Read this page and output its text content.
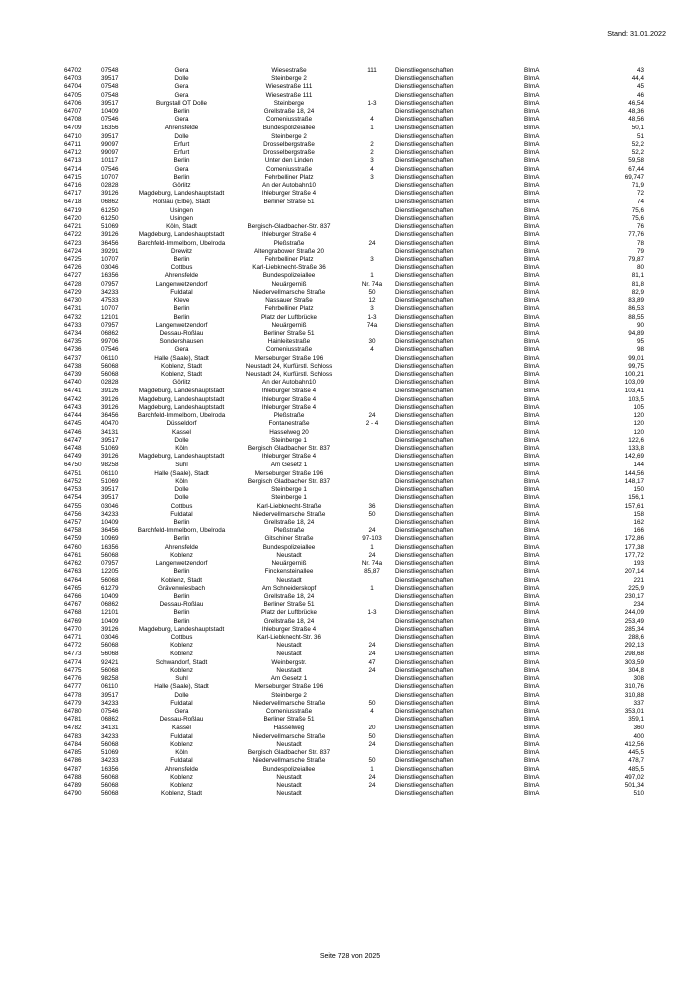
Stand: 31.01.2022
64702	07548	Gera	Wiesestraße	111	Dienstliegenschaften	BImA	43
64703	39517	Dolle	Steinberge 2		Dienstliegenschaften	BImA	44,4
64704	07548	Gera	Wiesestraße 111		Dienstliegenschaften	BImA	45
64705	07548	Gera	Wiesestraße 111		Dienstliegenschaften	BImA	46
64706	39517	Burgstall OT Dolle	Steinberge	1-3	Dienstliegenschaften	BImA	46,54
64707	10409	Berlin	Grellstraße 18, 24		Dienstliegenschaften	BImA	48,36
64708	07546	Gera	Comeniusstraße	4	Dienstliegenschaften	BImA	48,56
64709	16356	Ahrensfelde	Bundespolizeiallee	1	Dienstliegenschaften	BImA	50,1
64710	39517	Dolle	Steinberge 2		Dienstliegenschaften	BImA	51
64711	99097	Erfurt	Drosselbergstraße	2	Dienstliegenschaften	BImA	52,2
64712	99097	Erfurt	Drosselbergstraße	2	Dienstliegenschaften	BImA	52,2
64713	10117	Berlin	Unter den Linden	3	Dienstliegenschaften	BImA	59,58
64714	07546	Gera	Comeniusstraße	4	Dienstliegenschaften	BImA	67,44
64715	10707	Berlin	Fehrbelliner Platz	3	Dienstliegenschaften	BImA	69,747
64716	02828	Görlitz	An der Autobahn10		Dienstliegenschaften	BImA	71,9
64717	39126	Magdeburg, Landeshauptstadt	Ihleburger Straße 4		Dienstliegenschaften	BImA	72
64718	06862	Roßlau (Elbe), Stadt	Berliner Straße 51		Dienstliegenschaften	BImA	74
64719	61250	Usingen			Dienstliegenschaften	BImA	75,6
64720	61250	Usingen			Dienstliegenschaften	BImA	75,6
64721	51069	Köln, Stadt	Bergisch-Gladbacher-Str. 837		Dienstliegenschaften	BImA	76
64722	39126	Magdeburg, Landeshauptstadt	Ihleburger Straße 4		Dienstliegenschaften	BImA	77,76
64723	36456	Barchfeld-Immelborn, Übelroda	Pleßstraße	24	Dienstliegenschaften	BImA	78
64724	39291	Drewitz	Altengrabower Straße 20		Dienstliegenschaften	BImA	79
64725	10707	Berlin	Fehrbelliner Platz	3	Dienstliegenschaften	BImA	79,87
64726	03046	Cottbus	Karl-Liebknecht-Straße 36		Dienstliegenschaften	BImA	80
64727	16356	Ahrensfelde	Bundespolizeiallee	1	Dienstliegenschaften	BImA	81,1
64728	07957	Langenwetzendorf	Neuärgerniß	Nr. 74a	Dienstliegenschaften	BImA	81,8
64729	34233	Fuldatal	Niedervellmarsche Straße	50	Dienstliegenschaften	BImA	82,9
64730	47533	Kleve	Nassauer Straße	12	Dienstliegenschaften	BImA	83,89
64731	10707	Berlin	Fehrbelliner Platz	3	Dienstliegenschaften	BImA	86,53
64732	12101	Berlin	Platz der Luftbrücke	1-3	Dienstliegenschaften	BImA	88,55
64733	07957	Langenwetzendorf	Neuärgerniß	74a	Dienstliegenschaften	BImA	90
64734	06862	Dessau-Roßlau	Berliner Straße 51		Dienstliegenschaften	BImA	94,89
64735	99706	Sondershausen	Hainleitestraße	30	Dienstliegenschaften	BImA	95
64736	07546	Gera	Comeniusstraße	4	Dienstliegenschaften	BImA	98
64737	06110	Halle (Saale), Stadt	Merseburger Straße 196		Dienstliegenschaften	BImA	99,01
64738	56068	Koblenz, Stadt	Neustadt 24, Kurfürstl. Schloss		Dienstliegenschaften	BImA	99,75
64739	56068	Koblenz, Stadt	Neustadt 24, Kurfürstl. Schloss		Dienstliegenschaften	BImA	100,21
64740	02828	Görlitz	An der Autobahn10		Dienstliegenschaften	BImA	103,09
64741	39126	Magdeburg, Landeshauptstadt	Ihleburger Straße 4		Dienstliegenschaften	BImA	103,41
64742	39126	Magdeburg, Landeshauptstadt	Ihleburger Straße 4		Dienstliegenschaften	BImA	103,5
64743	39126	Magdeburg, Landeshauptstadt	Ihleburger Straße 4		Dienstliegenschaften	BImA	105
64744	36456	Barchfeld-Immelborn, Übelroda	Pleßstraße	24	Dienstliegenschaften	BImA	120
64745	40470	Düsseldorf	Fontanestraße	2 - 4	Dienstliegenschaften	BImA	120
64746	34131	Kassel	Hasselweg 20		Dienstliegenschaften	BImA	120
64747	39517	Dolle	Steinberge 1		Dienstliegenschaften	BImA	122,6
64748	51069	Köln	Bergisch Gladbacher Str. 837		Dienstliegenschaften	BImA	133,8
64749	39126	Magdeburg, Landeshauptstadt	Ihleburger Straße 4		Dienstliegenschaften	BImA	142,69
64750	98258	Suhl	Am Gesetz 1		Dienstliegenschaften	BImA	144
64751	06110	Halle (Saale), Stadt	Merseburger Straße 196		Dienstliegenschaften	BImA	144,56
64752	51069	Köln	Bergisch Gladbacher Str. 837		Dienstliegenschaften	BImA	148,17
64753	39517	Dolle	Steinberge 1		Dienstliegenschaften	BImA	150
64754	39517	Dolle	Steinberge 1		Dienstliegenschaften	BImA	156,1
64755	03046	Cottbus	Karl-Liebknecht-Straße	36	Dienstliegenschaften	BImA	157,61
64756	34233	Fuldatal	Niedervellmarsche Straße	50	Dienstliegenschaften	BImA	158
64757	10409	Berlin	Grellstraße 18, 24		Dienstliegenschaften	BImA	162
64758	36456	Barchfeld-Immelborn, Übelroda	Pleßstraße	24	Dienstliegenschaften	BImA	166
64759	10969	Berlin	Gitschiner Straße	97-103	Dienstliegenschaften	BImA	172,86
64760	16356	Ahrensfelde	Bundespolizeiallee	1	Dienstliegenschaften	BImA	177,38
64761	56068	Koblenz	Neustadt	24	Dienstliegenschaften	BImA	177,72
64762	07957	Langenwetzendorf	Neuärgerniß	Nr. 74a	Dienstliegenschaften	BImA	193
64763	12205	Berlin	Finckensteinallee	85,87	Dienstliegenschaften	BImA	207,14
64764	56068	Koblenz, Stadt	Neustadt		Dienstliegenschaften	BImA	221
64765	61279	Grävenwiesbach	Am Schneiderskopf	1	Dienstliegenschaften	BImA	225,9
64766	10409	Berlin	Grellstraße 18, 24		Dienstliegenschaften	BImA	230,17
64767	06862	Dessau-Roßlau	Berliner Straße 51		Dienstliegenschaften	BImA	234
64768	12101	Berlin	Platz der Luftbrücke	1-3	Dienstliegenschaften	BImA	244,09
64769	10409	Berlin	Grellstraße 18, 24		Dienstliegenschaften	BImA	253,49
64770	39126	Magdeburg, Landeshauptstadt	Ihleburger Straße 4		Dienstliegenschaften	BImA	285,34
64771	03046	Cottbus	Karl-Liebknecht-Str. 36		Dienstliegenschaften	BImA	288,6
64772	56068	Koblenz	Neustadt	24	Dienstliegenschaften	BImA	292,13
64773	56068	Koblenz	Neustadt	24	Dienstliegenschaften	BImA	298,68
64774	92421	Schwandorf, Stadt	Weinbergstr.	47	Dienstliegenschaften	BImA	303,59
64775	56068	Koblenz	Neustadt	24	Dienstliegenschaften	BImA	304,8
64776	98258	Suhl	Am Gesetz 1		Dienstliegenschaften	BImA	308
64777	06110	Halle (Saale), Stadt	Merseburger Straße 196		Dienstliegenschaften	BImA	310,76
64778	39517	Dolle	Steinberge 2		Dienstliegenschaften	BImA	310,88
64779	34233	Fuldatal	Niedervellmarsche Straße	50	Dienstliegenschaften	BImA	337
64780	07546	Gera	Comeniusstraße	4	Dienstliegenschaften	BImA	353,01
64781	06862	Dessau-Roßlau	Berliner Straße 51		Dienstliegenschaften	BImA	359,1
64782	34131	Kassel	Hasselweg	20	Dienstliegenschaften	BImA	360
64783	34233	Fuldatal	Niedervellmarsche Straße	50	Dienstliegenschaften	BImA	400
64784	56068	Koblenz	Neustadt	24	Dienstliegenschaften	BImA	412,56
64785	51069	Köln	Bergisch Gladbacher Str. 837		Dienstliegenschaften	BImA	445,5
64786	34233	Fuldatal	Niedervellmarsche Straße	50	Dienstliegenschaften	BImA	478,7
64787	16356	Ahrensfelde	Bundespolizeiallee	1	Dienstliegenschaften	BImA	485,5
64788	56068	Koblenz	Neustadt	24	Dienstliegenschaften	BImA	497,02
64789	56068	Koblenz	Neustadt	24	Dienstliegenschaften	BImA	501,34
64790	56068	Koblenz, Stadt	Neustadt		Dienstliegenschaften	BImA	510
Seite 728 von 2025
